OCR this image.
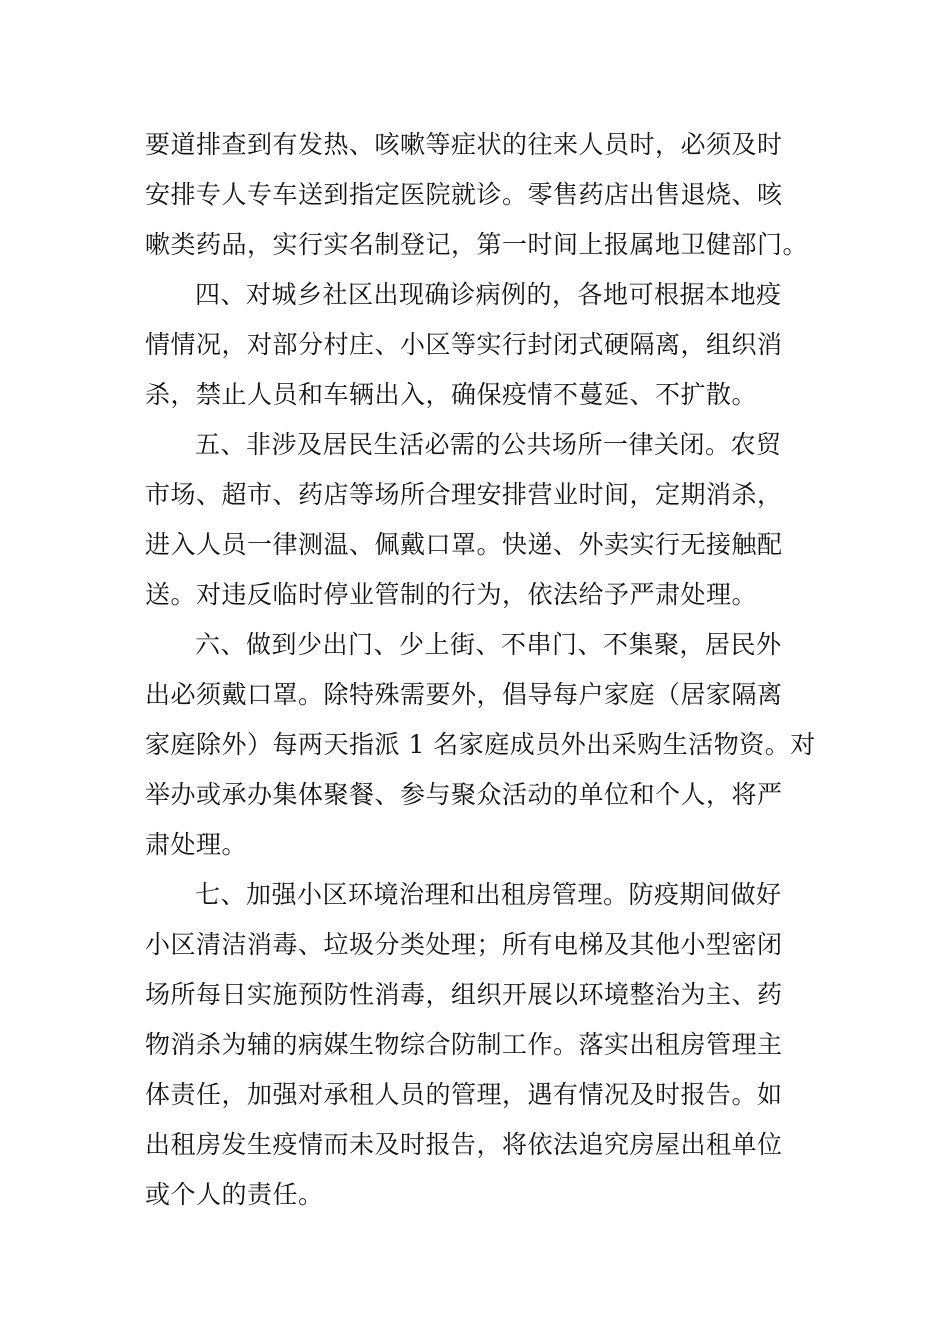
要道排查到有发热、咳嗽等症状的往来人员时，必须及时
安排专人专车送到指定医院就诊。零售药店出售退烧、咳
嗽类药品，实行实名制登记，第一时间上报属地卫健部门。
四、对城乡社区出现确诊病例的，各地可根据本地疫
情情况，对部分村庄、小区等实行封闭式硬隔离，组织消
杀，禁止人员和车辆出入，确保疫情不蔓延、不扩散。
五、非涉及居民生活必需的公共场所一律关闭。农贸
市场、超市、药店等场所合理安排营业时间，定期消杀，
进入人员一律测温、佩戴口罩。快递、外卖实行无接触配
送。对违反临时停业管制的行为，依法给予严肃处理。
六、做到少出门、少上街、不串门、不集聚，居民外
出必须戴口罩。除特殊需要外，倡导每户家庭（居家隔离
家庭除外）每两天指派 1 名家庭成员外出采购生活物资。对
举办或承办集体聚餐、参与聚众活动的单位和个人，将严
肃处理。
七、加强小区环境治理和出租房管理。防疫期间做好
小区清洁消毒、垃圾分类处理；所有电梯及其他小型密闭
场所每日实施预防性消毒，组织开展以环境整治为主、药
物消杀为辅的病媒生物综合防制工作。落实出租房管理主
体责任，加强对承租人员的管理，遇有情况及时报告。如
出租房发生疫情而未及时报告，将依法追究房屋出租单位
或个人的责任。
